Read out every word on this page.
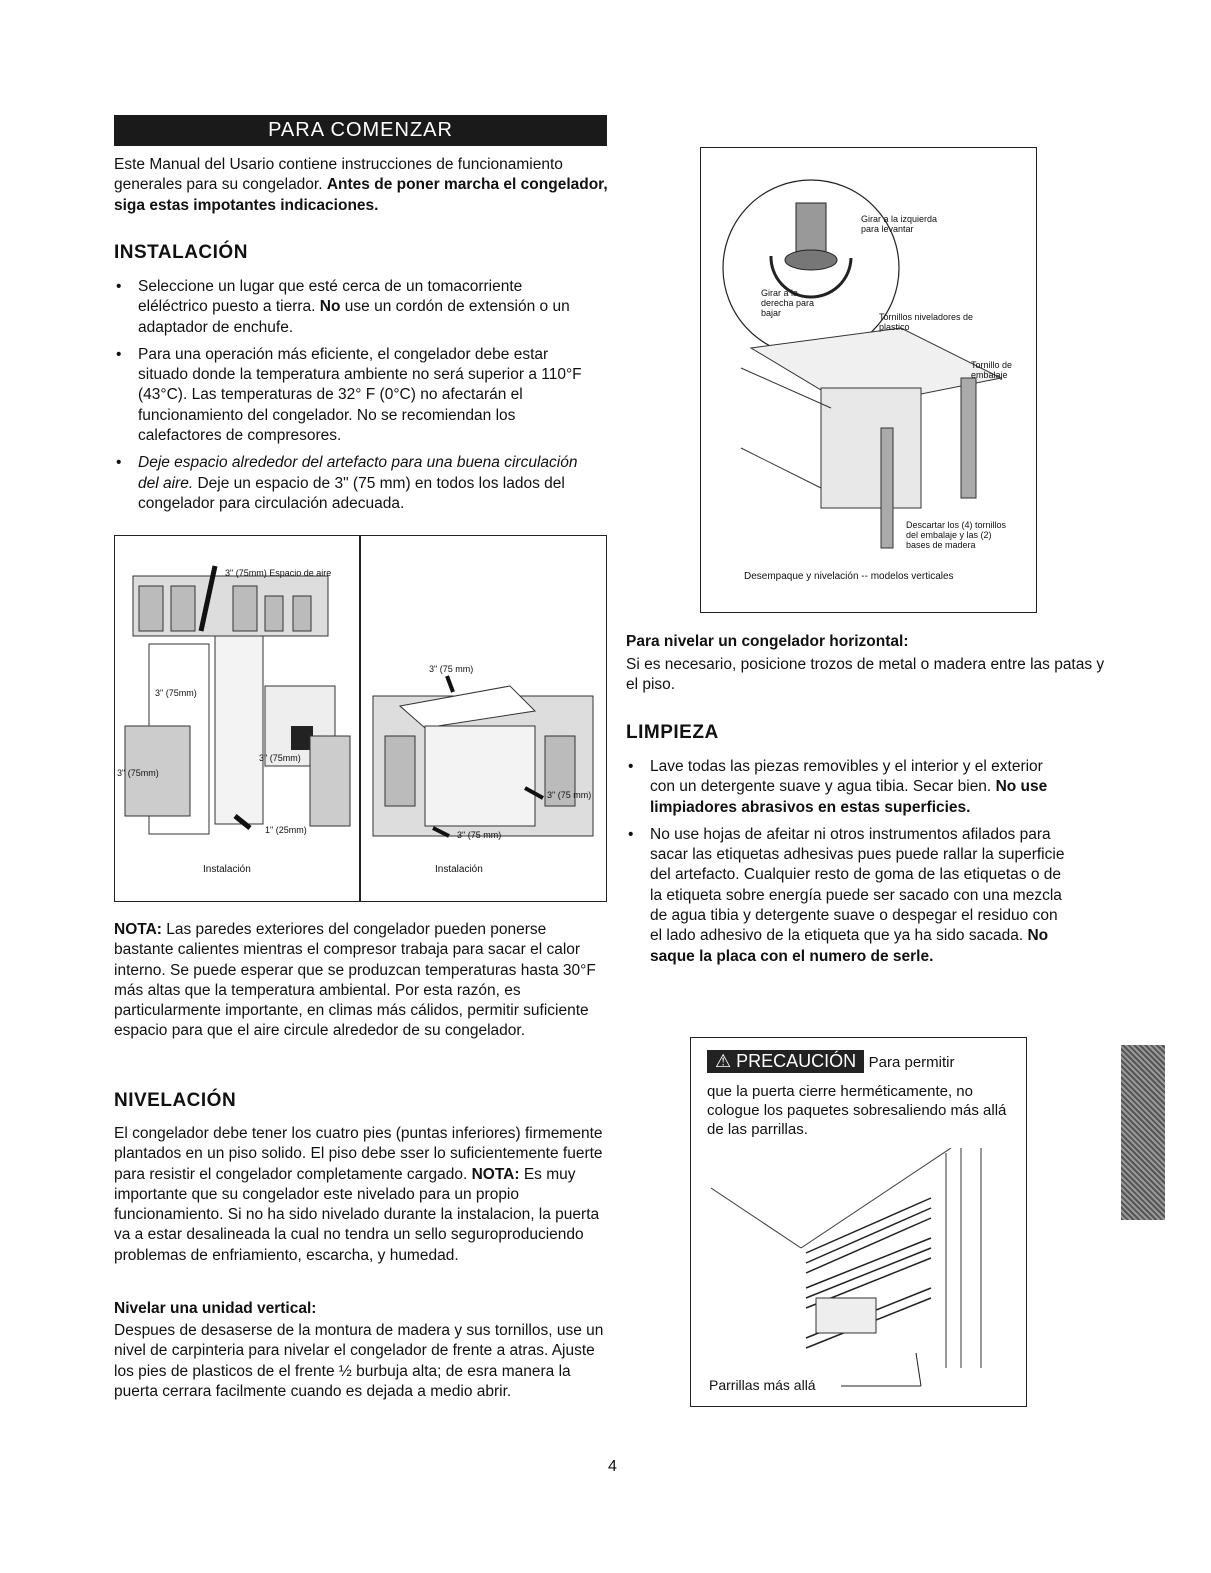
PARA COMENZAR
Este Manual del Usario contiene instrucciones de funcionamiento generales para su congelador. Antes de poner marcha el congelador, siga estas impotantes indicaciones.
INSTALACIÓN
• Seleccione un lugar que esté cerca de un tomacorriente eléléctrico puesto a tierra. No use un cordón de extensión o un adaptador de enchufe.
• Para una operación más eficiente, el congelador debe estar situado donde la temperatura ambiente no será superior a 110°F (43°C). Las temperaturas de 32° F (0°C) no afectarán el funcionamiento del congelador. No se recomiendan los calefactores de compresores.
• Deje espacio alrededor del artefacto para una buena circulación del aire. Deje un espacio de 3" (75 mm) en todos los lados del congelador para circulación adecuada.
3" (75mm) Espacio de aire
3" (75mm)
3" (75mm)
3" (75mm)
1" (25mm)
Instalación
3" (75 mm)
3" (75 mm)
3" (75 mm)
Instalación

NOTA: Las paredes exteriores del congelador pueden ponerse bastante calientes mientras el compresor trabaja para sacar el calor interno. Se puede esperar que se produzcan temperaturas hasta 30°F más altas que la temperatura ambiental. Por esta razón, es particularmente importante, en climas más cálidos, permitir suficiente espacio para que el aire circule alrededor de su congelador.

NIVELACIÓN

El congelador debe tener los cuatro pies (puntas inferiores) firmemente plantados en un piso solido. El piso debe sser lo suficientemente fuerte para resistir el congelador completamente cargado. NOTA: Es muy importante que su congelador este nivelado para un propio funcionamiento. Si no ha sido nivelado durante la instalacion, la puerta va a estar desalineada la cual no tendra un sello seguroproduciendo problemas de enfriamiento, escarcha, y humedad.

Nivelar una unidad vertical:

Despues de desaserse de la montura de madera y sus tornillos, use un nivel de carpinteria para nivelar el congelador de frente a atras. Ajuste los pies de plasticos de el frente ½ burbuja alta; de esra manera la puerta cerrara facilmente cuando es dejada a medio abrir.

Girar a la izquierda para levantar
Girar a la derecha para bajar	Tornillos niveladores de plastico
Tornillo de embalaje
Descartar los (4) tornillos del embalaje y las (2) bases de madera
Desempaque y nivelación -- modelos verticales
Para nivelar un congelador horizontal:

Si es necesario, posicione trozos de metal o madera entre las patas y el piso.

LIMPIEZA
• Lave todas las piezas removibles y el interior y el exterior con un detergente suave y agua tibia. Secar bien. No use limpiadores abrasivos en estas superficies.
• No use hojas de afeitar ni otros instrumentos afilados para sacar las etiquetas adhesivas pues puede rallar la superficie del artefacto. Cualquier resto de goma de las etiquetas o de la etiqueta sobre energía puede ser sacado con una mezcla de agua tibia y detergente suave o despegar el residuo con el lado adhesivo de la etiqueta que ya ha sido sacada. No saque la placa con el numero de serle.
⚠ PRECAUCIÓN Para permitir

que la puerta cierre herméticamente, no cologue los paquetes sobresaliendo más allá de las parrillas.

Parrillas más allá
4
